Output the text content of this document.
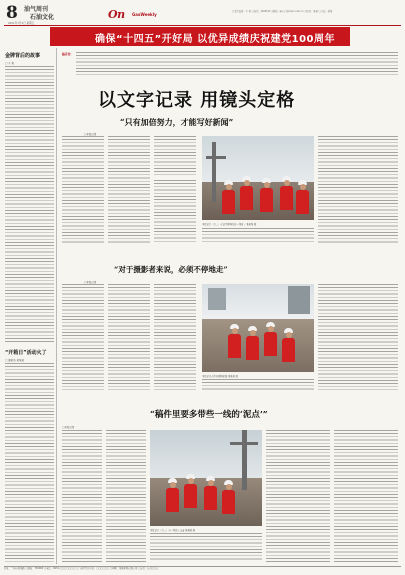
8 油气周刊
石油文化
2021年7月2日 星期五
On GasWeekly
□责任编辑：王 某 □电话：(0931)8 □邮箱：gs□□@cnpc.com.cn □校对：某某 □美编：某某
确保“十四五”开好局 以优异成绩庆祝建党100周年
金牌背后的故事
□ 王 某
“开箱日”活动火了
□ 通讯员 某某某
编者按：
以文字记录 用镜头定格
“只有加倍努力，才能写好新闻”
□本报记者
本报记者（右二）在钻井现场采访一线员工 某某某 摄
“对于摄影者来说，必须不停地走”
□本报记者
本报记者在作业现场拍摄 某某某 摄
“稿件里要多带些一线的‘泥点’”
□本报记者
本报记者（右二）与一线员工交流 某某某 摄
社址：兰州市某某路 □邮编：730000 □电话：0931-□□□□□□□ □广告经营许可证：□□□□□□ □印刷：某某印务有限公司 □定价：每月□□元
